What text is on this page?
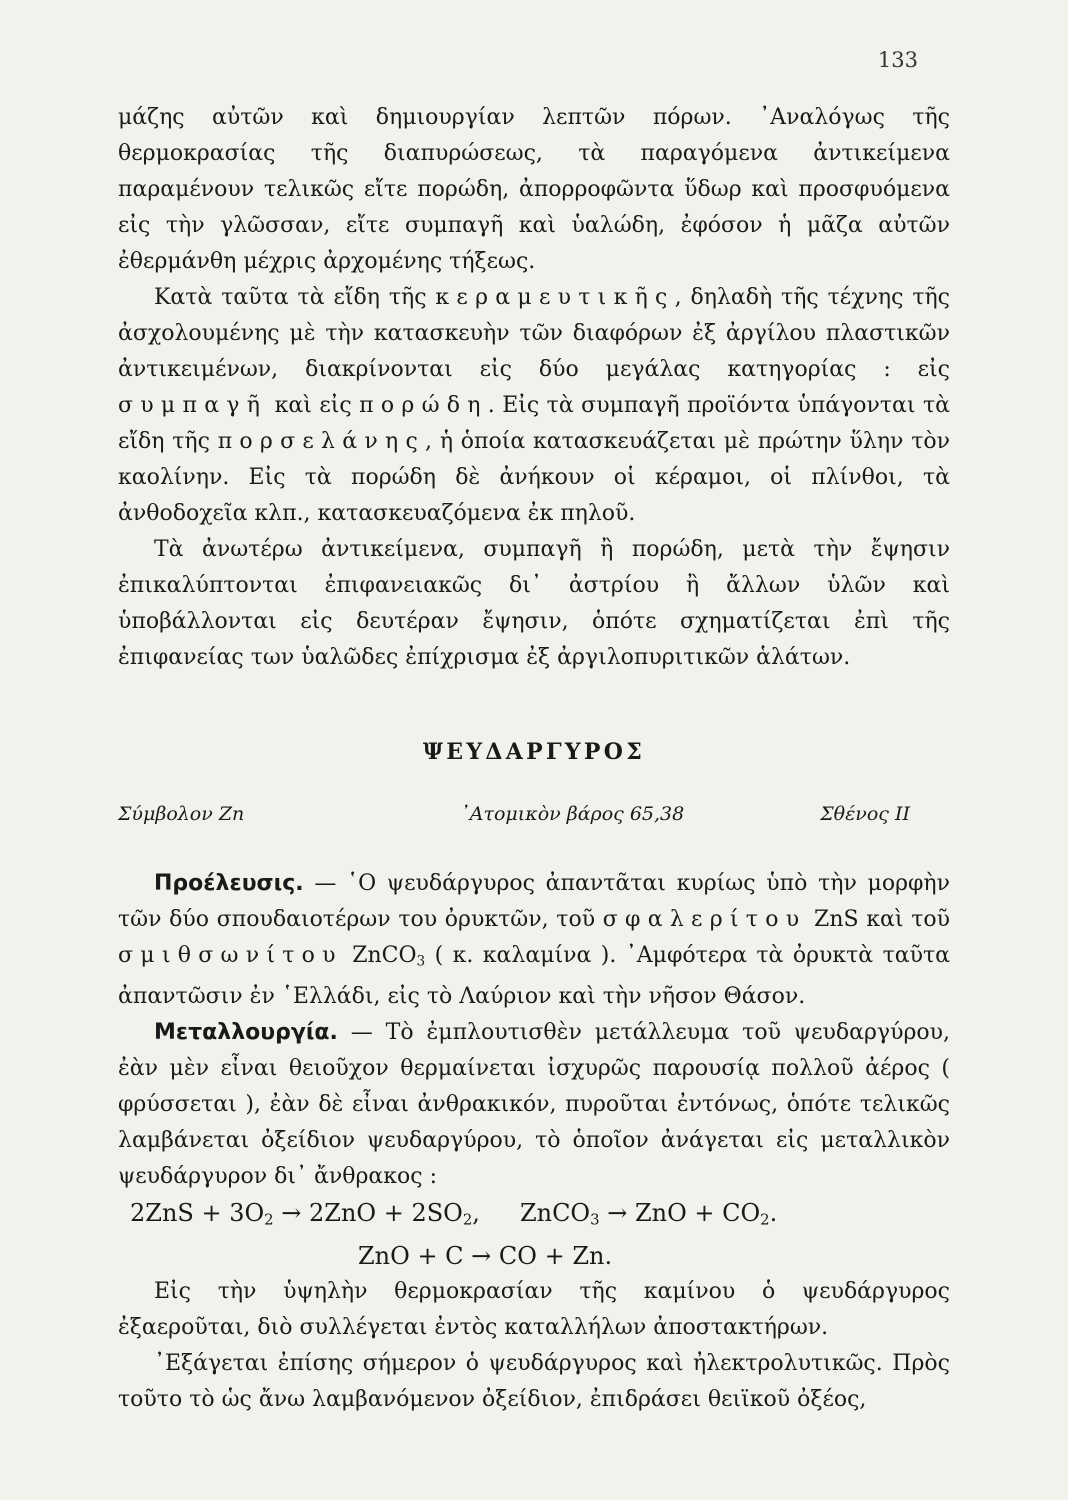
133

μάζης αὐτῶν καὶ δημιουργίαν λεπτῶν πόρων. ᾽Αναλόγως τῆς θερμοκρασίας τῆς διαπυρώσεως, τὰ παραγόμενα ἀντικείμενα παραμένουν τελικῶς εἴτε πορώδη, ἀπορροφῶντα ὕδωρ καὶ προσφυόμενα εἰς τὴν γλῶσσαν, εἴτε συμπαγῆ καὶ ὑαλώδη, ἐφόσον ἡ μᾶζα αὐτῶν ἐθερμάνθη μέχρις ἀρχομένης τήξεως.

Κατὰ ταῦτα τὰ εἴδη τῆς κεραμευτικῆς, δηλαδὴ τῆς τέχνης τῆς ἀσχολουμένης μὲ τὴν κατασκευὴν τῶν διαφόρων ἐξ ἀργίλου πλαστικῶν ἀντικειμένων, διακρίνονται εἰς δύο μεγάλας κατηγορίας : εἰς συμπαγῆ καὶ εἰς πορώδη. Εἰς τὰ συμπαγῆ προϊόντα ὑπάγονται τὰ εἴδη τῆς πορσελάνης, ἡ ὁποία κατασκευάζεται μὲ πρώτην ὕλην τὸν καολίνην. Εἰς τὰ πορώδη δὲ ἀνήκουν οἱ κέραμοι, οἱ πλίνθοι, τὰ ἀνθοδοχεῖα κλπ., κατασκευαζόμενα ἐκ πηλοῦ.

Τὰ ἀνωτέρω ἀντικείμενα, συμπαγῆ ἢ πορώδη, μετὰ τὴν ἔψησιν ἐπικαλύπτονται ἐπιφανειακῶς δι᾽ ἀστρίου ἢ ἄλλων ὑλῶν καὶ ὑποβάλλονται εἰς δευτέραν ἔψησιν, ὁπότε σχηματίζεται ἐπὶ τῆς ἐπιφανείας των ὑαλῶδες ἐπίχρισμα ἐξ ἀργιλοπυριτικῶν ἁλάτων.

ΨΕΥΔΑΡΓΥΡΟΣ
Σύμβολον Zn	᾽Ατομικὸν βάρος 65,38	Σθένος II

Προέλευσις. — ῾Ο ψευδάργυρος ἀπαντᾶται κυρίως ὑπὸ τὴν μορφὴν τῶν δύο σπουδαιοτέρων του ὀρυκτῶν, τοῦ σφαλερίτου ZnS καὶ τοῦ σμιθσωνίτου ZnCO$_3$ ( κ. καλαμίνα ). ᾽Αμφότερα τὰ ὀρυκτὰ ταῦτα ἀπαντῶσιν ἐν ῾Ελλάδι, εἰς τὸ Λαύριον καὶ τὴν νῆσον Θάσον.

Μεταλλουργία. — Τὸ ἐμπλουτισθὲν μετάλλευμα τοῦ ψευδαργύρου, ἐὰν μὲν εἶναι θειοῦχον θερμαίνεται ἰσχυρῶς παρουσίᾳ πολλοῦ ἀέρος ( φρύσσεται ), ἐὰν δὲ εἶναι ἀνθρακικόν, πυροῦται ἐντόνως, ὁπότε τελικῶς λαμβάνεται ὀξείδιον ψευδαργύρου, τὸ ὁποῖον ἀνάγεται εἰς μεταλλικὸν ψευδάργυρον δι᾽ ἄνθρακος :

$2ZnS + 3O_2 \to 2ZnO + 2SO_2$, ZnCO$_3$ → ZnO + $CO_2$.

ZnO + C → CO + Zn.

Εἰς τὴν ὑψηλὴν θερμοκρασίαν τῆς καμίνου ὁ ψευδάργυρος ἐξαεροῦται, διὸ συλλέγεται ἐντὸς καταλλήλων ἀποστακτήρων.

᾽Εξάγεται ἐπίσης σήμερον ὁ ψευδάργυρος καὶ ἠλεκτρολυτικῶς. Πρὸς τοῦτο τὸ ὡς ἄνω λαμβανόμενον ὀξείδιον, ἐπιδράσει θειϊκοῦ ὀξέος,
